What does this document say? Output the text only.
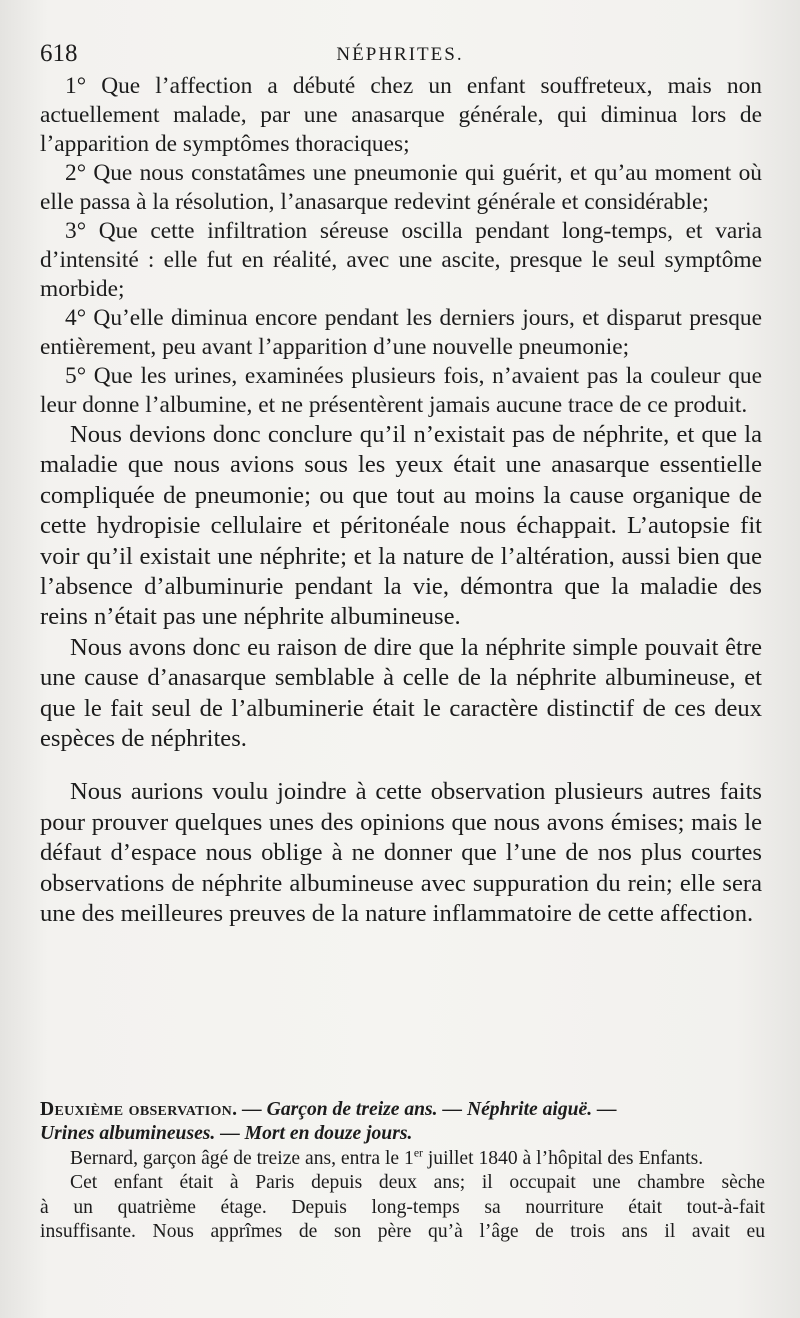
618	NÉPHRITES.

1° Que l’affection a débuté chez un enfant souffreteux, mais non actuellement malade, par une anasarque générale, qui diminua lors de l’apparition de symptômes thoraciques;

2° Que nous constatâmes une pneumonie qui guérit, et qu’au moment où elle passa à la résolution, l’anasarque redevint générale et considérable;

3° Que cette infiltration séreuse oscilla pendant long-temps, et varia d’intensité : elle fut en réalité, avec une ascite, presque le seul symptôme morbide;

4° Qu’elle diminua encore pendant les derniers jours, et disparut presque entièrement, peu avant l’apparition d’une nouvelle pneumonie;

5° Que les urines, examinées plusieurs fois, n’avaient pas la couleur que leur donne l’albumine, et ne présentèrent jamais aucune trace de ce produit.

Nous devions donc conclure qu’il n’existait pas de néphrite, et que la maladie que nous avions sous les yeux était une anasarque essentielle compliquée de pneumonie; ou que tout au moins la cause organique de cette hydropisie cellulaire et péritonéale nous échappait. L’autopsie fit voir qu’il existait une néphrite; et la nature de l’altération, aussi bien que l’absence d’albuminurie pendant la vie, démontra que la maladie des reins n’était pas une néphrite albumineuse.

Nous avons donc eu raison de dire que la néphrite simple pouvait être une cause d’anasarque semblable à celle de la néphrite albumineuse, et que le fait seul de l’albuminerie était le caractère distinctif de ces deux espèces de néphrites.

Nous aurions voulu joindre à cette observation plusieurs autres faits pour prouver quelques unes des opinions que nous avons émises; mais le défaut d’espace nous oblige à ne donner que l’une de nos plus courtes observations de néphrite albumineuse avec suppuration du rein; elle sera une des meilleures preuves de la nature inflammatoire de cette affection.

Deuxième observation. — Garçon de treize ans. — Néphrite aiguë. —
Urines albumineuses. — Mort en douze jours.

Bernard, garçon âgé de treize ans, entra le 1er juillet 1840 à l’hôpital des Enfants.

Cet enfant était à Paris depuis deux ans; il occupait une chambre sèche

à un quatrième étage. Depuis long-temps sa nourriture était tout-à-fait

insuffisante. Nous apprîmes de son père qu’à l’âge de trois ans il avait eu
